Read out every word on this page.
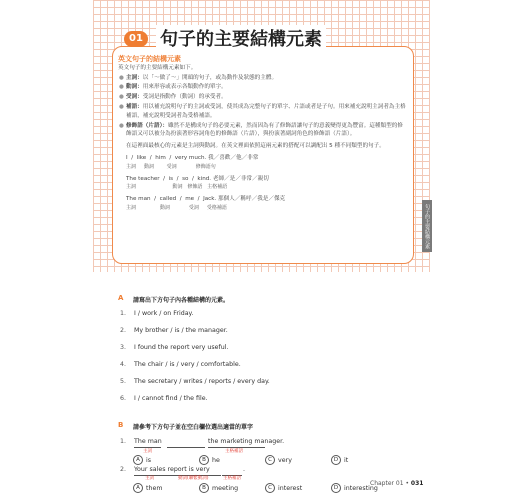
01 句子的主要結構元素
英文句子的結構元素
英文句子的主要結構元素如下。
● 主詞：以「～做了～」開頭的句子，或為動作及狀態的主體。
● 動詞：用來形容或表示各類動作的單字。
● 受詞：受詞是指動作（動詞）的承受者。
● 補語：用以補充說明句子的主詞或受詞，使其成為完整句子的單字、片語或者是子句。用來補充說明主詞者為主格補語，補充說明受詞者為受格補語。
● 修飾語（片語）：雖然不是構成句子的必要元素，然而因為有了修飾語讓句子的意義變得更為豐富。這種類型的修飾語又可以被分為扮演著形容詞角色的修飾語（片語），與扮演著副詞角色的修飾語（片語）。
在這裡面最核心的元素是主詞與動詞。在英文裡面依照這兩元素的搭配可以調配出 5 種不同類型的句子。
I  /  like  /  him  /  very much. 我／喜歡／他／非常
主詞     動詞        受詞            修飾語句
The teacher  /  is  /  so  /  kind. 老師／是／非常／親切
主詞                       動詞   修飾語   主格補語
The man  /  called  /  me  /  Jack. 那個人／稱呼／我是／傑克
主詞               動詞            受詞     受格補語	句子的主要結構元素
A 請寫出下方句子內各種結構的元素。
1. I / work / on Friday.
2. My brother / is / the manager.
3. I found the report very useful.
4. The chair / is / very / comfortable.
5. The secretary / writes / reports / every day.
6. I / cannot find / the file.
B 請參考下方句子並在空白欄位選出適當的單字
1. The man	the marketing manager.
主詞	主格補語
A is	B he	C very	D it
2. Your sales report is very	.
主詞	動詞(聯繫動詞)	主格補語
A them	B meeting	C interest	D interesting
Chapter 01 • 031
